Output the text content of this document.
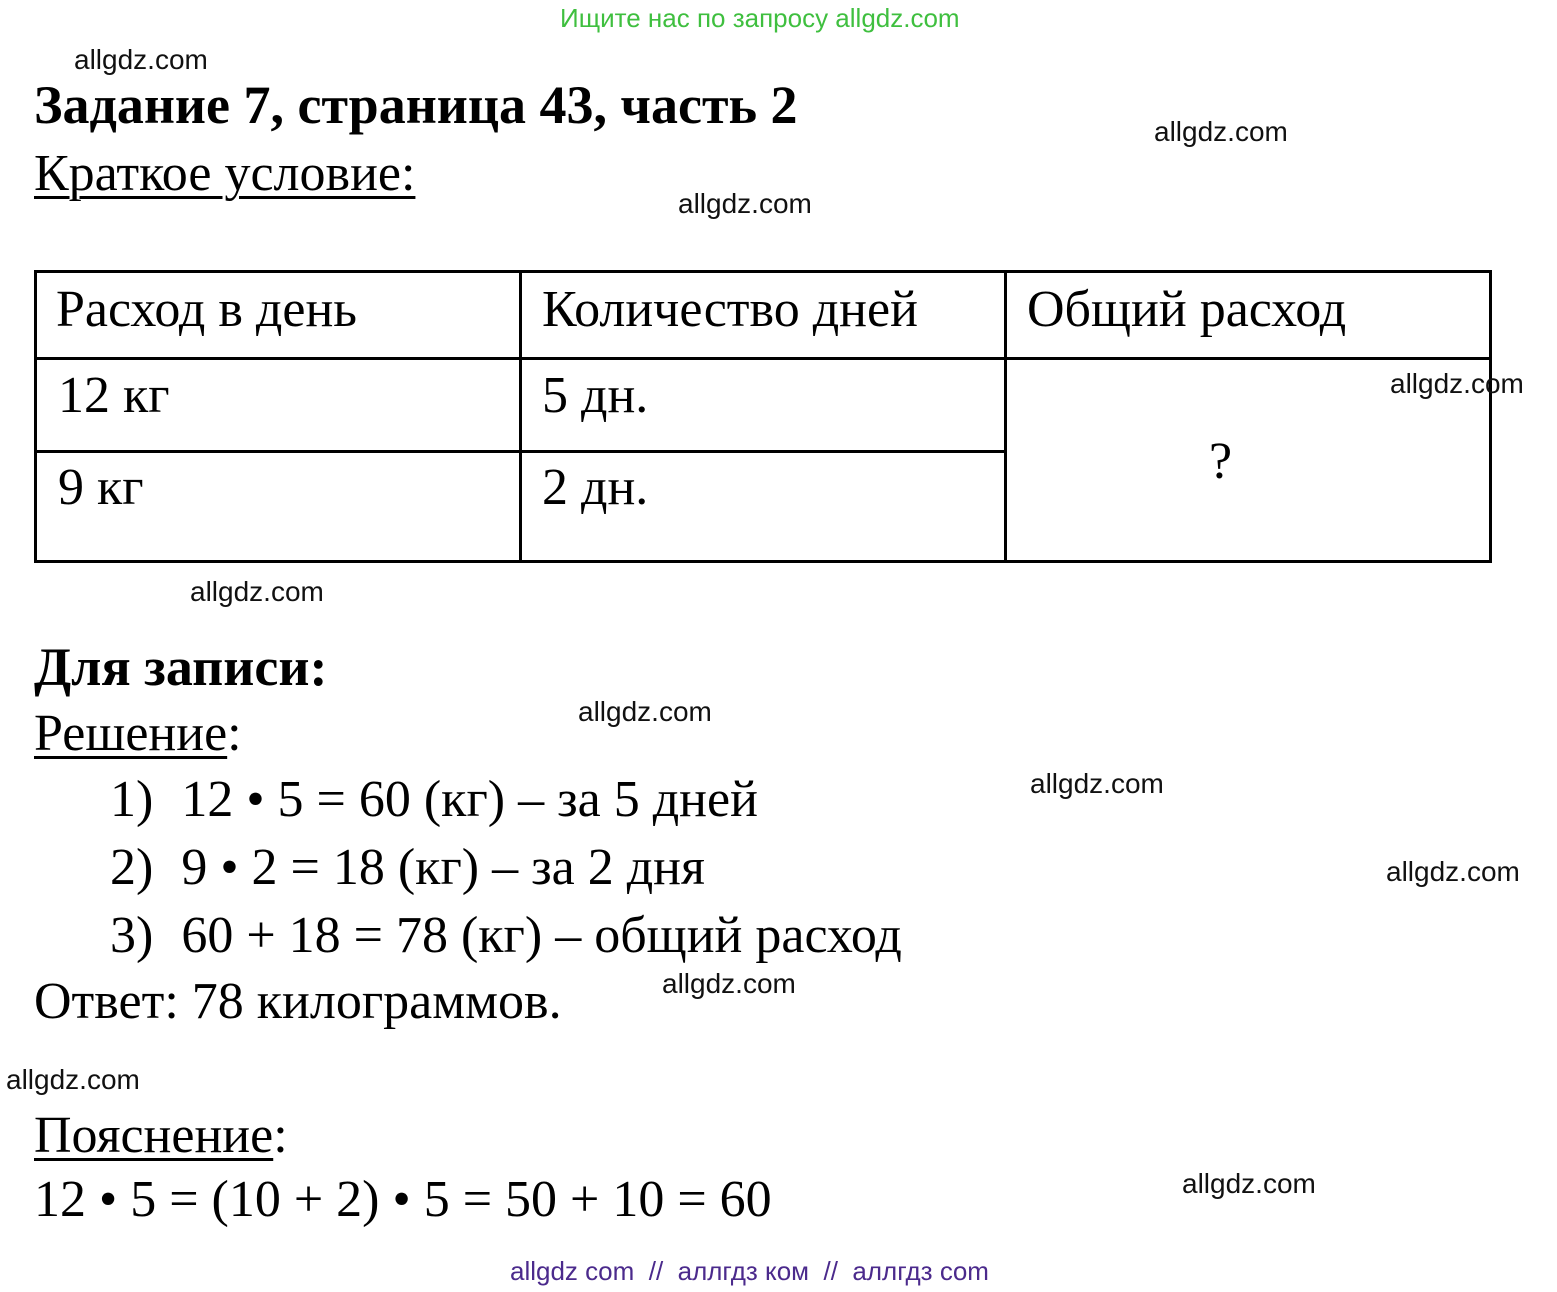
Ищите нас по запросу allgdz.com
allgdz.com
allgdz.com
allgdz.com
allgdz.com
allgdz.com
allgdz.com
allgdz.com
allgdz.com
allgdz.com
allgdz.com
allgdz.com
Задание 7, страница 43, часть 2
Краткое условие:
Расход в день	Количество дней	Общий расход
12 кг	5 дн.
9 кг	2 дн.	?
Для записи:
Решение:
1) 12 • 5 = 60 (кг) – за 5 дней
2) 9 • 2 = 18 (кг) – за 2 дня
3) 60 + 18 = 78 (кг) – общий расход
Ответ: 78 килограммов.
Пояснение:
12 • 5 = (10 + 2) • 5 = 50 + 10 = 60
allgdz com  //  аллгдз ком  //  аллгдз com
